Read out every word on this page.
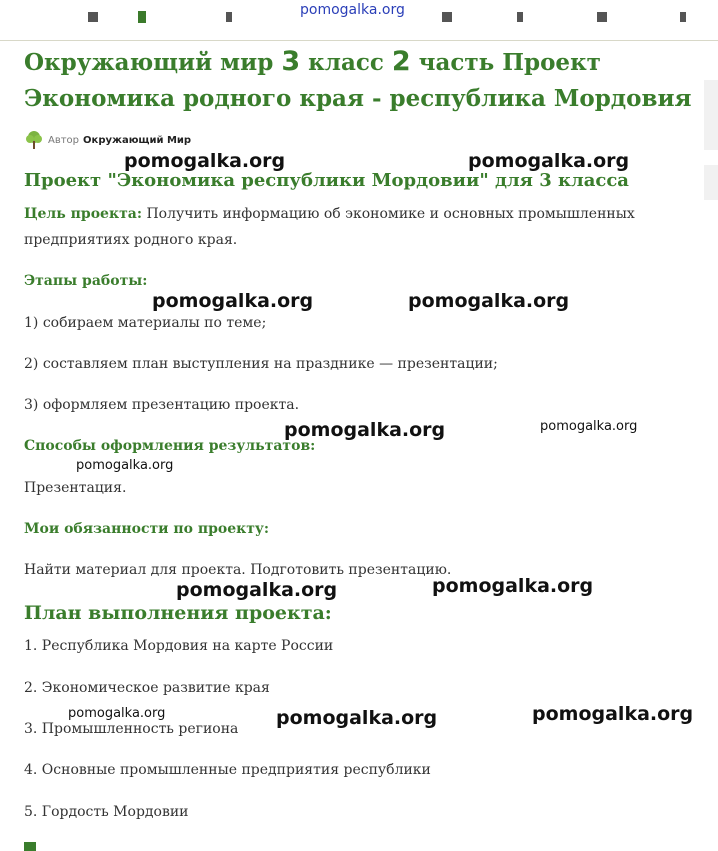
pomogalka.org
Окружающий мир 3 класс 2 часть Проект
Экономика родного края - республика Мордовия
Автор Окружающий Мир
Проект "Экономика республики Мордовии" для 3 класса
Цель проекта: Получить информацию об экономике и основных промышленных предприятиях родного края.
Этапы работы:
1) собираем материалы по теме;
2) составляем план выступления на празднике — презентации;
3) оформляем презентацию проекта.
Способы оформления результатов:
Презентация.
Мои обязанности по проекту:
Найти материал для проекта. Подготовить презентацию.
План выполнения проекта:
1. Республика Мордовия на карте России
2. Экономическое развитие края
3. Промышленность региона
4. Основные промышленные предприятия республики
5. Гордость Мордовии
pomogalka.org	pomogalka.org
pomogalka.org	pomogalka.org
pomogalka.org	pomogalka.org
pomogalka.org
pomogalka.org	pomogalka.org
pomogalka.org	pomogalka.org	pomogalka.org
